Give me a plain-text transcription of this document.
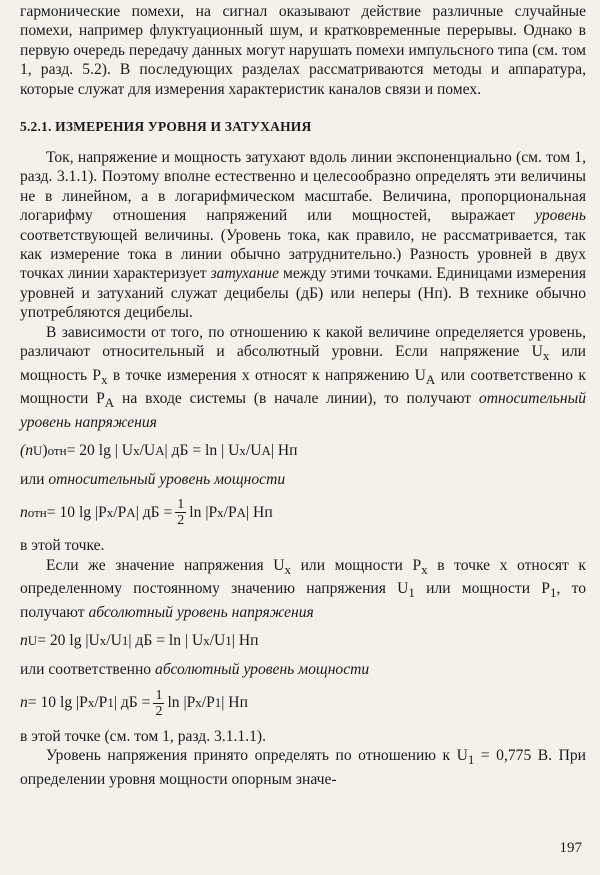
гармонические помехи, на сигнал оказывают действие различные случайные помехи, например флуктуационный шум, и кратковременные перерывы. Однако в первую очередь передачу данных могут нарушать помехи импульсного типа (см. том 1, разд. 5.2). В последующих разделах рассматриваются методы и аппаратура, которые служат для измерения характеристик каналов связи и помех.

5.2.1. ИЗМЕРЕНИЯ УРОВНЯ И ЗАТУХАНИЯ

Ток, напряжение и мощность затухают вдоль линии экспоненциально (см. том 1, разд. 3.1.1). Поэтому вполне естественно и целесообразно определять эти величины не в линейном, а в логарифмическом масштабе. Величина, пропорциональная логарифму отношения напряжений или мощностей, выражает уровень соответствующей величины. (Уровень тока, как правило, не рассматривается, так как измерение тока в линии обычно затруднительно.) Разность уровней в двух точках линии характеризует затухание между этими точками. Единицами измерения уровней и затуханий служат децибелы (дБ) или неперы (Нп). В технике обычно употребляются децибелы.

В зависимости от того, по отношению к какой величине определяется уровень, различают относительный и абсолютный уровни. Если напряжение $U_x$ или мощность $P_x$ в точке измерения x относят к напряжению $U_A$ или соответственно к мощности $P_A$ на входе системы (в начале линии), то получают относительный уровень напряжения

(n U ) отн = 20 lg | U x /U A | дБ = ln | U x /U A | Нп
или относительный уровень мощности
n отн = 10 lg |P x /P A | дБ = $\frac{1}{2}$ ln |P x /P A | Нп

в этой точке.

Если же значение напряжения $U_x$ или мощности $P_x$ в точке x относят к определенному постоянному значению напряжения $U_1$ или мощности $P_1$, то получают абсолютный уровень напряжения

n U = 20 lg |U x /U 1 | дБ = ln | U x /U 1 | Нп
или соответственно абсолютный уровень мощности
n = 10 lg |P x /P 1 | дБ = $\frac{1}{2}$ ln |P x /P 1 | Нп

в этой точке (см. том 1, разд. 3.1.1.1).

Уровень напряжения принято определять по отношению к $U_1 = 0,775$ В. При определении уровня мощности опорным значе-

197
